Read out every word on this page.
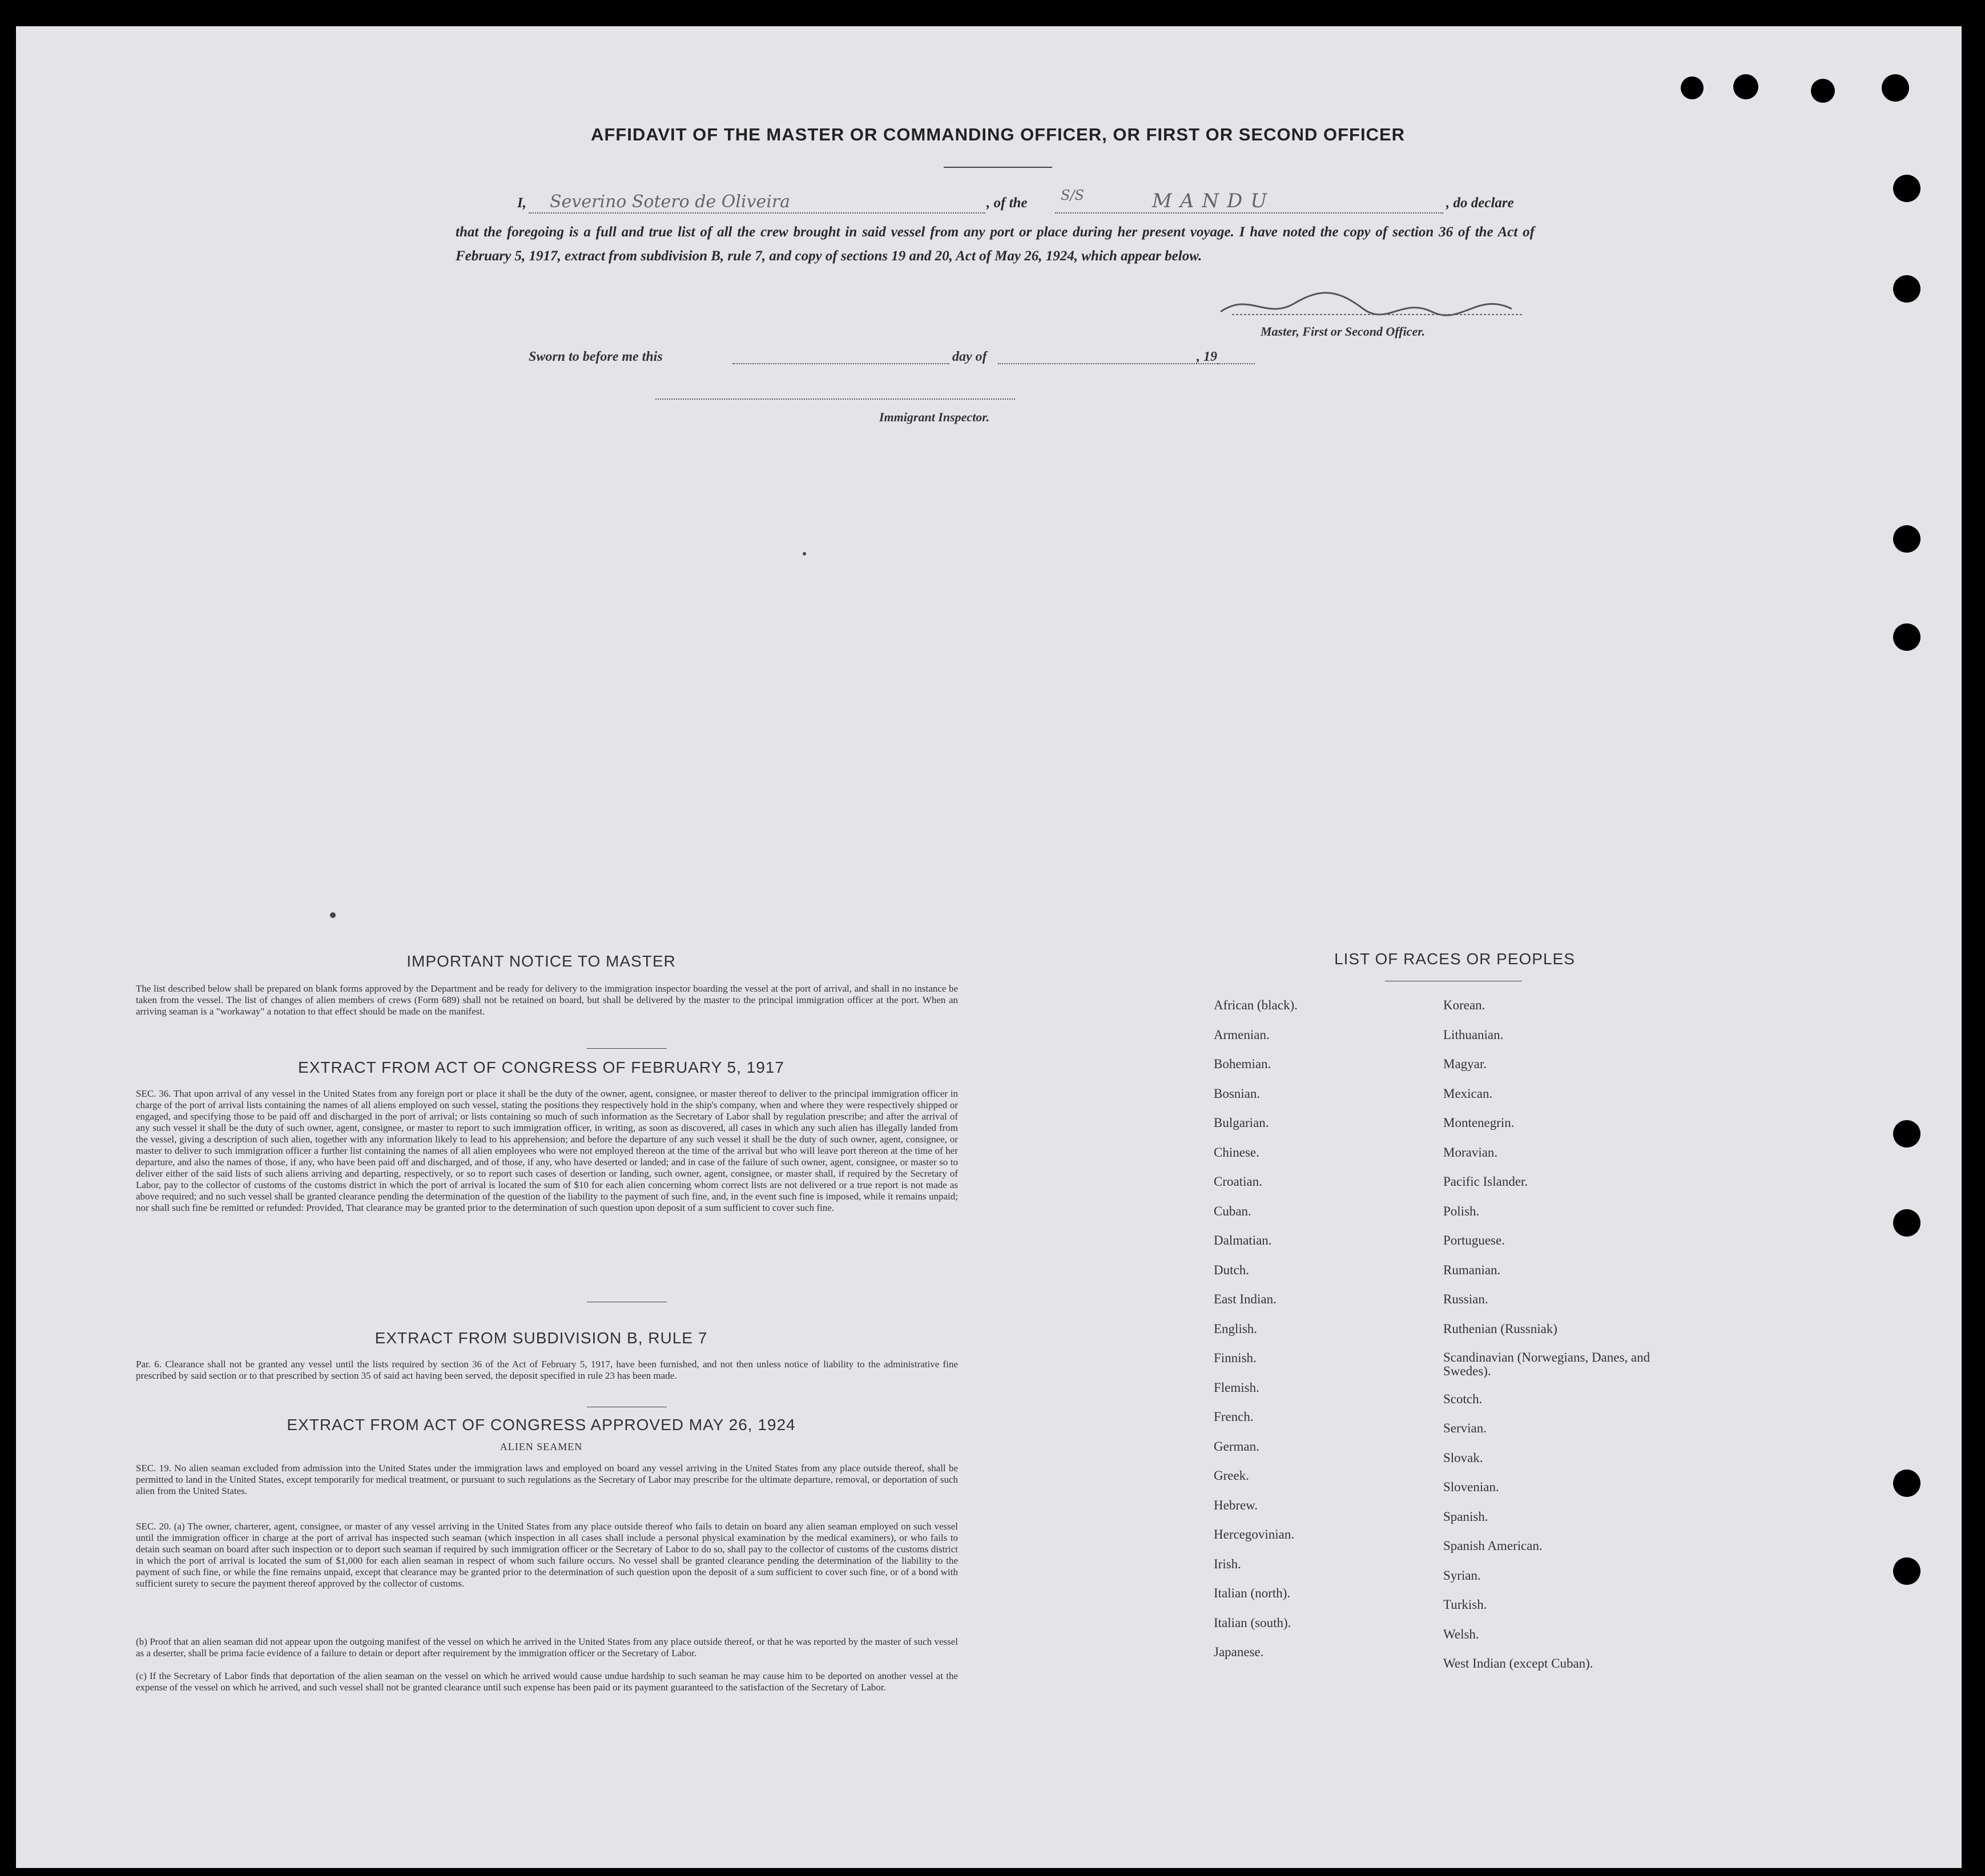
AFFIDAVIT OF THE MASTER OR COMMANDING OFFICER, OR FIRST OR SECOND OFFICER
I, Severino Sotero de Oliveira	, of the S/S	MANDU	, do declare
that the foregoing is a full and true list of all the crew brought in said vessel from any port or place during her present voyage. I have noted the copy of section 36 of the Act of February 5, 1917, extract from subdivision B, rule 7, and copy of sections 19 and 20, Act of May 26, 1924, which appear below.
Master, First or Second Officer.
Sworn to before me this	day of	, 19
Immigrant Inspector.
IMPORTANT NOTICE TO MASTER
The list described below shall be prepared on blank forms approved by the Department and be ready for delivery to the immigration inspector boarding the vessel at the port of arrival, and shall in no instance be taken from the vessel. The list of changes of alien members of crews (Form 689) shall not be retained on board, but shall be delivered by the master to the principal immigration officer at the port. When an arriving seaman is a "workaway" a notation to that effect should be made on the manifest.
EXTRACT FROM ACT OF CONGRESS OF FEBRUARY 5, 1917
SEC. 36. That upon arrival of any vessel in the United States from any foreign port or place it shall be the duty of the owner, agent, consignee, or master thereof to deliver to the principal immigration officer in charge of the port of arrival lists containing the names of all aliens employed on such vessel, stating the positions they respectively hold in the ship's company, when and where they were respectively shipped or engaged, and specifying those to be paid off and discharged in the port of arrival; or lists containing so much of such information as the Secretary of Labor shall by regulation prescribe; and after the arrival of any such vessel it shall be the duty of such owner, agent, consignee, or master to report to such immigration officer, in writing, as soon as discovered, all cases in which any such alien has illegally landed from the vessel, giving a description of such alien, together with any information likely to lead to his apprehension; and before the departure of any such vessel it shall be the duty of such owner, agent, consignee, or master to deliver to such immigration officer a further list containing the names of all alien employees who were not employed thereon at the time of the arrival but who will leave port thereon at the time of her departure, and also the names of those, if any, who have been paid off and discharged, and of those, if any, who have deserted or landed; and in case of the failure of such owner, agent, consignee, or master so to deliver either of the said lists of such aliens arriving and departing, respectively, or so to report such cases of desertion or landing, such owner, agent, consignee, or master shall, if required by the Secretary of Labor, pay to the collector of customs of the customs district in which the port of arrival is located the sum of $10 for each alien concerning whom correct lists are not delivered or a true report is not made as above required; and no such vessel shall be granted clearance pending the determination of the question of the liability to the payment of such fine, and, in the event such fine is imposed, while it remains unpaid; nor shall such fine be remitted or refunded: Provided, That clearance may be granted prior to the determination of such question upon deposit of a sum sufficient to cover such fine.
EXTRACT FROM SUBDIVISION B, RULE 7
Par. 6. Clearance shall not be granted any vessel until the lists required by section 36 of the Act of February 5, 1917, have been furnished, and not then unless notice of liability to the administrative fine prescribed by said section or to that prescribed by section 35 of said act having been served, the deposit specified in rule 23 has been made.
EXTRACT FROM ACT OF CONGRESS APPROVED MAY 26, 1924
ALIEN SEAMEN
SEC. 19. No alien seaman excluded from admission into the United States under the immigration laws and employed on board any vessel arriving in the United States from any place outside thereof, shall be permitted to land in the United States, except temporarily for medical treatment, or pursuant to such regulations as the Secretary of Labor may prescribe for the ultimate departure, removal, or deportation of such alien from the United States.
SEC. 20. (a) The owner, charterer, agent, consignee, or master of any vessel arriving in the United States from any place outside thereof who fails to detain on board any alien seaman employed on such vessel until the immigration officer in charge at the port of arrival has inspected such seaman (which inspection in all cases shall include a personal physical examination by the medical examiners), or who fails to detain such seaman on board after such inspection or to deport such seaman if required by such immigration officer or the Secretary of Labor to do so, shall pay to the collector of customs of the customs district in which the port of arrival is located the sum of $1,000 for each alien seaman in respect of whom such failure occurs. No vessel shall be granted clearance pending the determination of the liability to the payment of such fine, or while the fine remains unpaid, except that clearance may be granted prior to the determination of such question upon the deposit of a sum sufficient to cover such fine, or of a bond with sufficient surety to secure the payment thereof approved by the collector of customs.
(b) Proof that an alien seaman did not appear upon the outgoing manifest of the vessel on which he arrived in the United States from any place outside thereof, or that he was reported by the master of such vessel as a deserter, shall be prima facie evidence of a failure to detain or deport after requirement by the immigration officer or the Secretary of Labor.
(c) If the Secretary of Labor finds that deportation of the alien seaman on the vessel on which he arrived would cause undue hardship to such seaman he may cause him to be deported on another vessel at the expense of the vessel on which he arrived, and such vessel shall not be granted clearance until such expense has been paid or its payment guaranteed to the satisfaction of the Secretary of Labor.
LIST OF RACES OR PEOPLES
African (black).
Armenian.
Bohemian.
Bosnian.
Bulgarian.
Chinese.
Croatian.
Cuban.
Dalmatian.
Dutch.
East Indian.
English.
Finnish.
Flemish.
French.
German.
Greek.
Hebrew.
Hercegovinian.
Irish.
Italian (north).
Italian (south).
Japanese.
Korean.
Lithuanian.
Magyar.
Mexican.
Montenegrin.
Moravian.
Pacific Islander.
Polish.
Portuguese.
Rumanian.
Russian.
Ruthenian (Russniak)
Scandinavian (Norwegians, Danes, and Swedes).
Scotch.
Servian.
Slovak.
Slovenian.
Spanish.
Spanish American.
Syrian.
Turkish.
Welsh.
West Indian (except Cuban).
